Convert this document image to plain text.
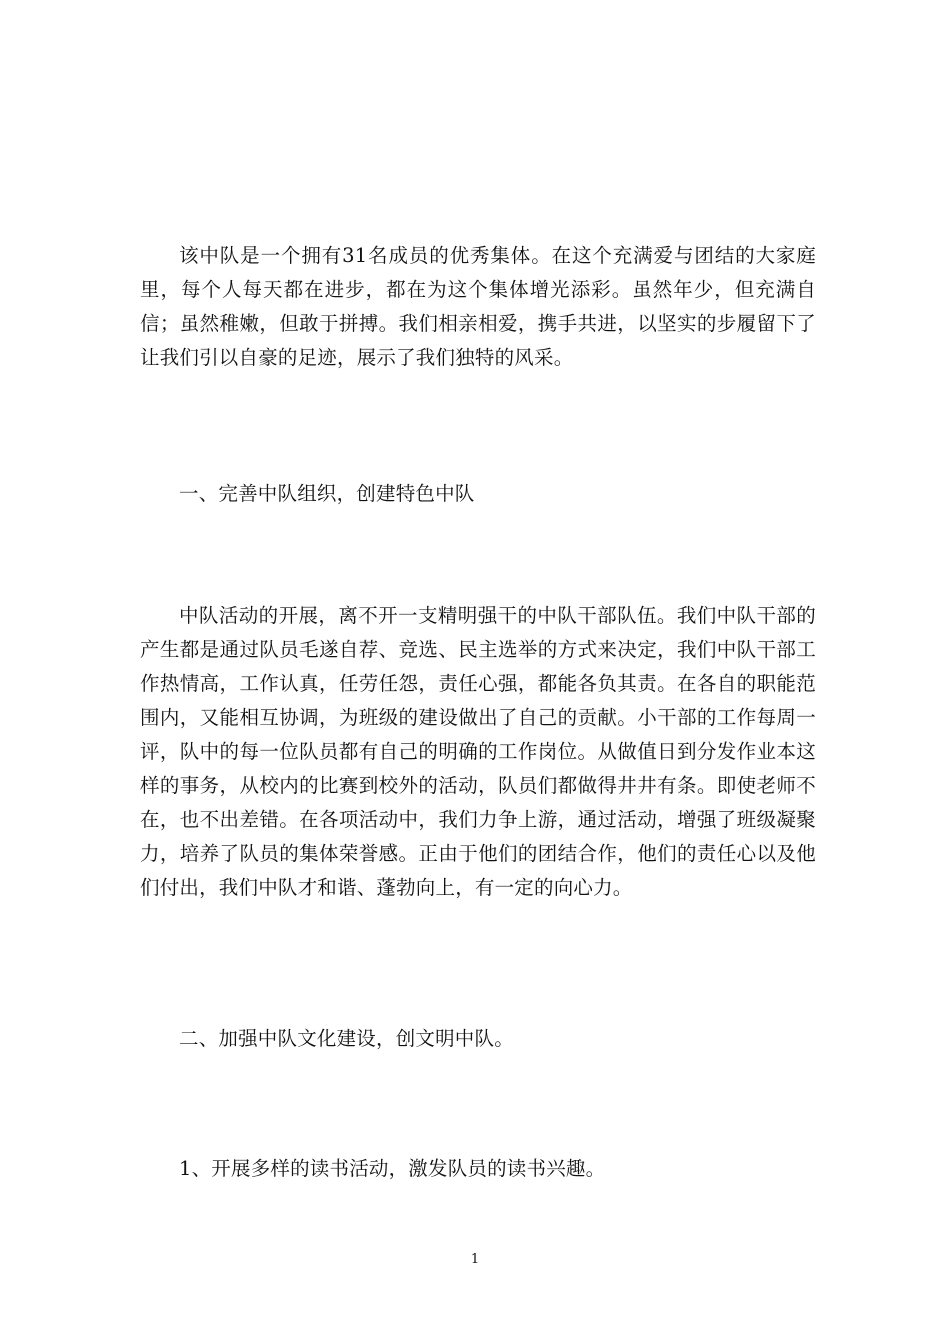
该中队是一个拥有31名成员的优秀集体。在这个充满爱与团结的大家庭里，每个人每天都在进步，都在为这个集体增光添彩。虽然年少，但充满自信；虽然稚嫩，但敢于拼搏。我们相亲相爱，携手共进，以坚实的步履留下了让我们引以自豪的足迹，展示了我们独特的风采。

一、完善中队组织，创建特色中队

中队活动的开展，离不开一支精明强干的中队干部队伍。我们中队干部的产生都是通过队员毛遂自荐、竞选、民主选举的方式来决定，我们中队干部工作热情高，工作认真，任劳任怨，责任心强，都能各负其责。在各自的职能范围内，又能相互协调，为班级的建设做出了自己的贡献。小干部的工作每周一评，队中的每一位队员都有自己的明确的工作岗位。从做值日到分发作业本这样的事务，从校内的比赛到校外的活动，队员们都做得井井有条。即使老师不在，也不出差错。在各项活动中，我们力争上游，通过活动，增强了班级凝聚力，培养了队员的集体荣誉感。正由于他们的团结合作，他们的责任心以及他们付出，我们中队才和谐、蓬勃向上，有一定的向心力。

二、加强中队文化建设，创文明中队。

1、开展多样的读书活动，激发队员的读书兴趣。

1
